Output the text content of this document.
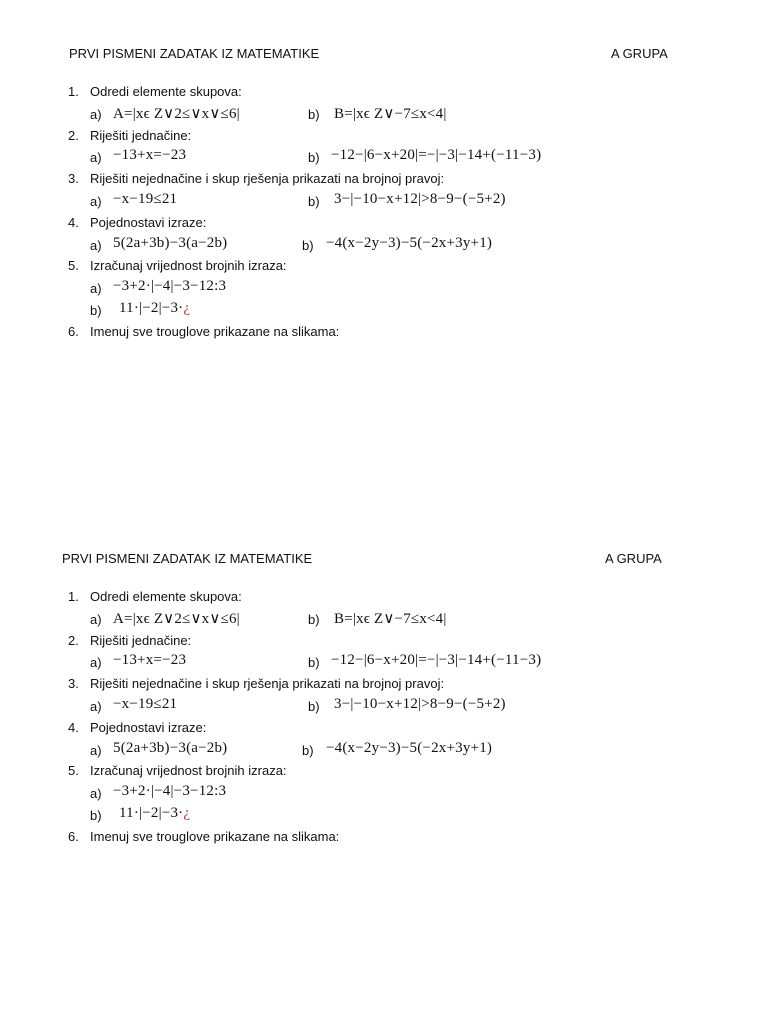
PRVI PISMENI ZADATAK IZ MATEMATIKE	A GRUPA
1. Odredi elemente skupova:
a) A=|xϵ Z∨2≤∨x∨≤6|	b) B=|xϵ Z∨−7≤x<4|
2. Riješiti jednačine:
a) −13+x=−23	b) −12−|6−x+20|=−|−3|−14+(−11−3)
3. Riješiti nejednačine i skup rješenja prikazati na brojnoj pravoj:
a) −x−19≤21	b) 3−|−10−x+12|>8−9−(−5+2)
4. Pojednostavi izraze:
a) 5(2a+3b)−3(a−2b)	b) −4(x−2y−3)−5(−2x+3y+1)
5. Izračunaj vrijednost brojnih izraza:
a) −3+2·|−4|−3−12:3
b) 11·|−2|−3·¿
6. Imenuj sve trouglove prikazane na slikama:
PRVI PISMENI ZADATAK IZ MATEMATIKE	A GRUPA
1. Odredi elemente skupova:
a) A=|xϵ Z∨2≤∨x∨≤6|	b) B=|xϵ Z∨−7≤x<4|
2. Riješiti jednačine:
a) −13+x=−23	b) −12−|6−x+20|=−|−3|−14+(−11−3)
3. Riješiti nejednačine i skup rješenja prikazati na brojnoj pravoj:
a) −x−19≤21	b) 3−|−10−x+12|>8−9−(−5+2)
4. Pojednostavi izraze:
a) 5(2a+3b)−3(a−2b)	b) −4(x−2y−3)−5(−2x+3y+1)
5. Izračunaj vrijednost brojnih izraza:
a) −3+2·|−4|−3−12:3
b) 11·|−2|−3·¿
6. Imenuj sve trouglove prikazane na slikama:
